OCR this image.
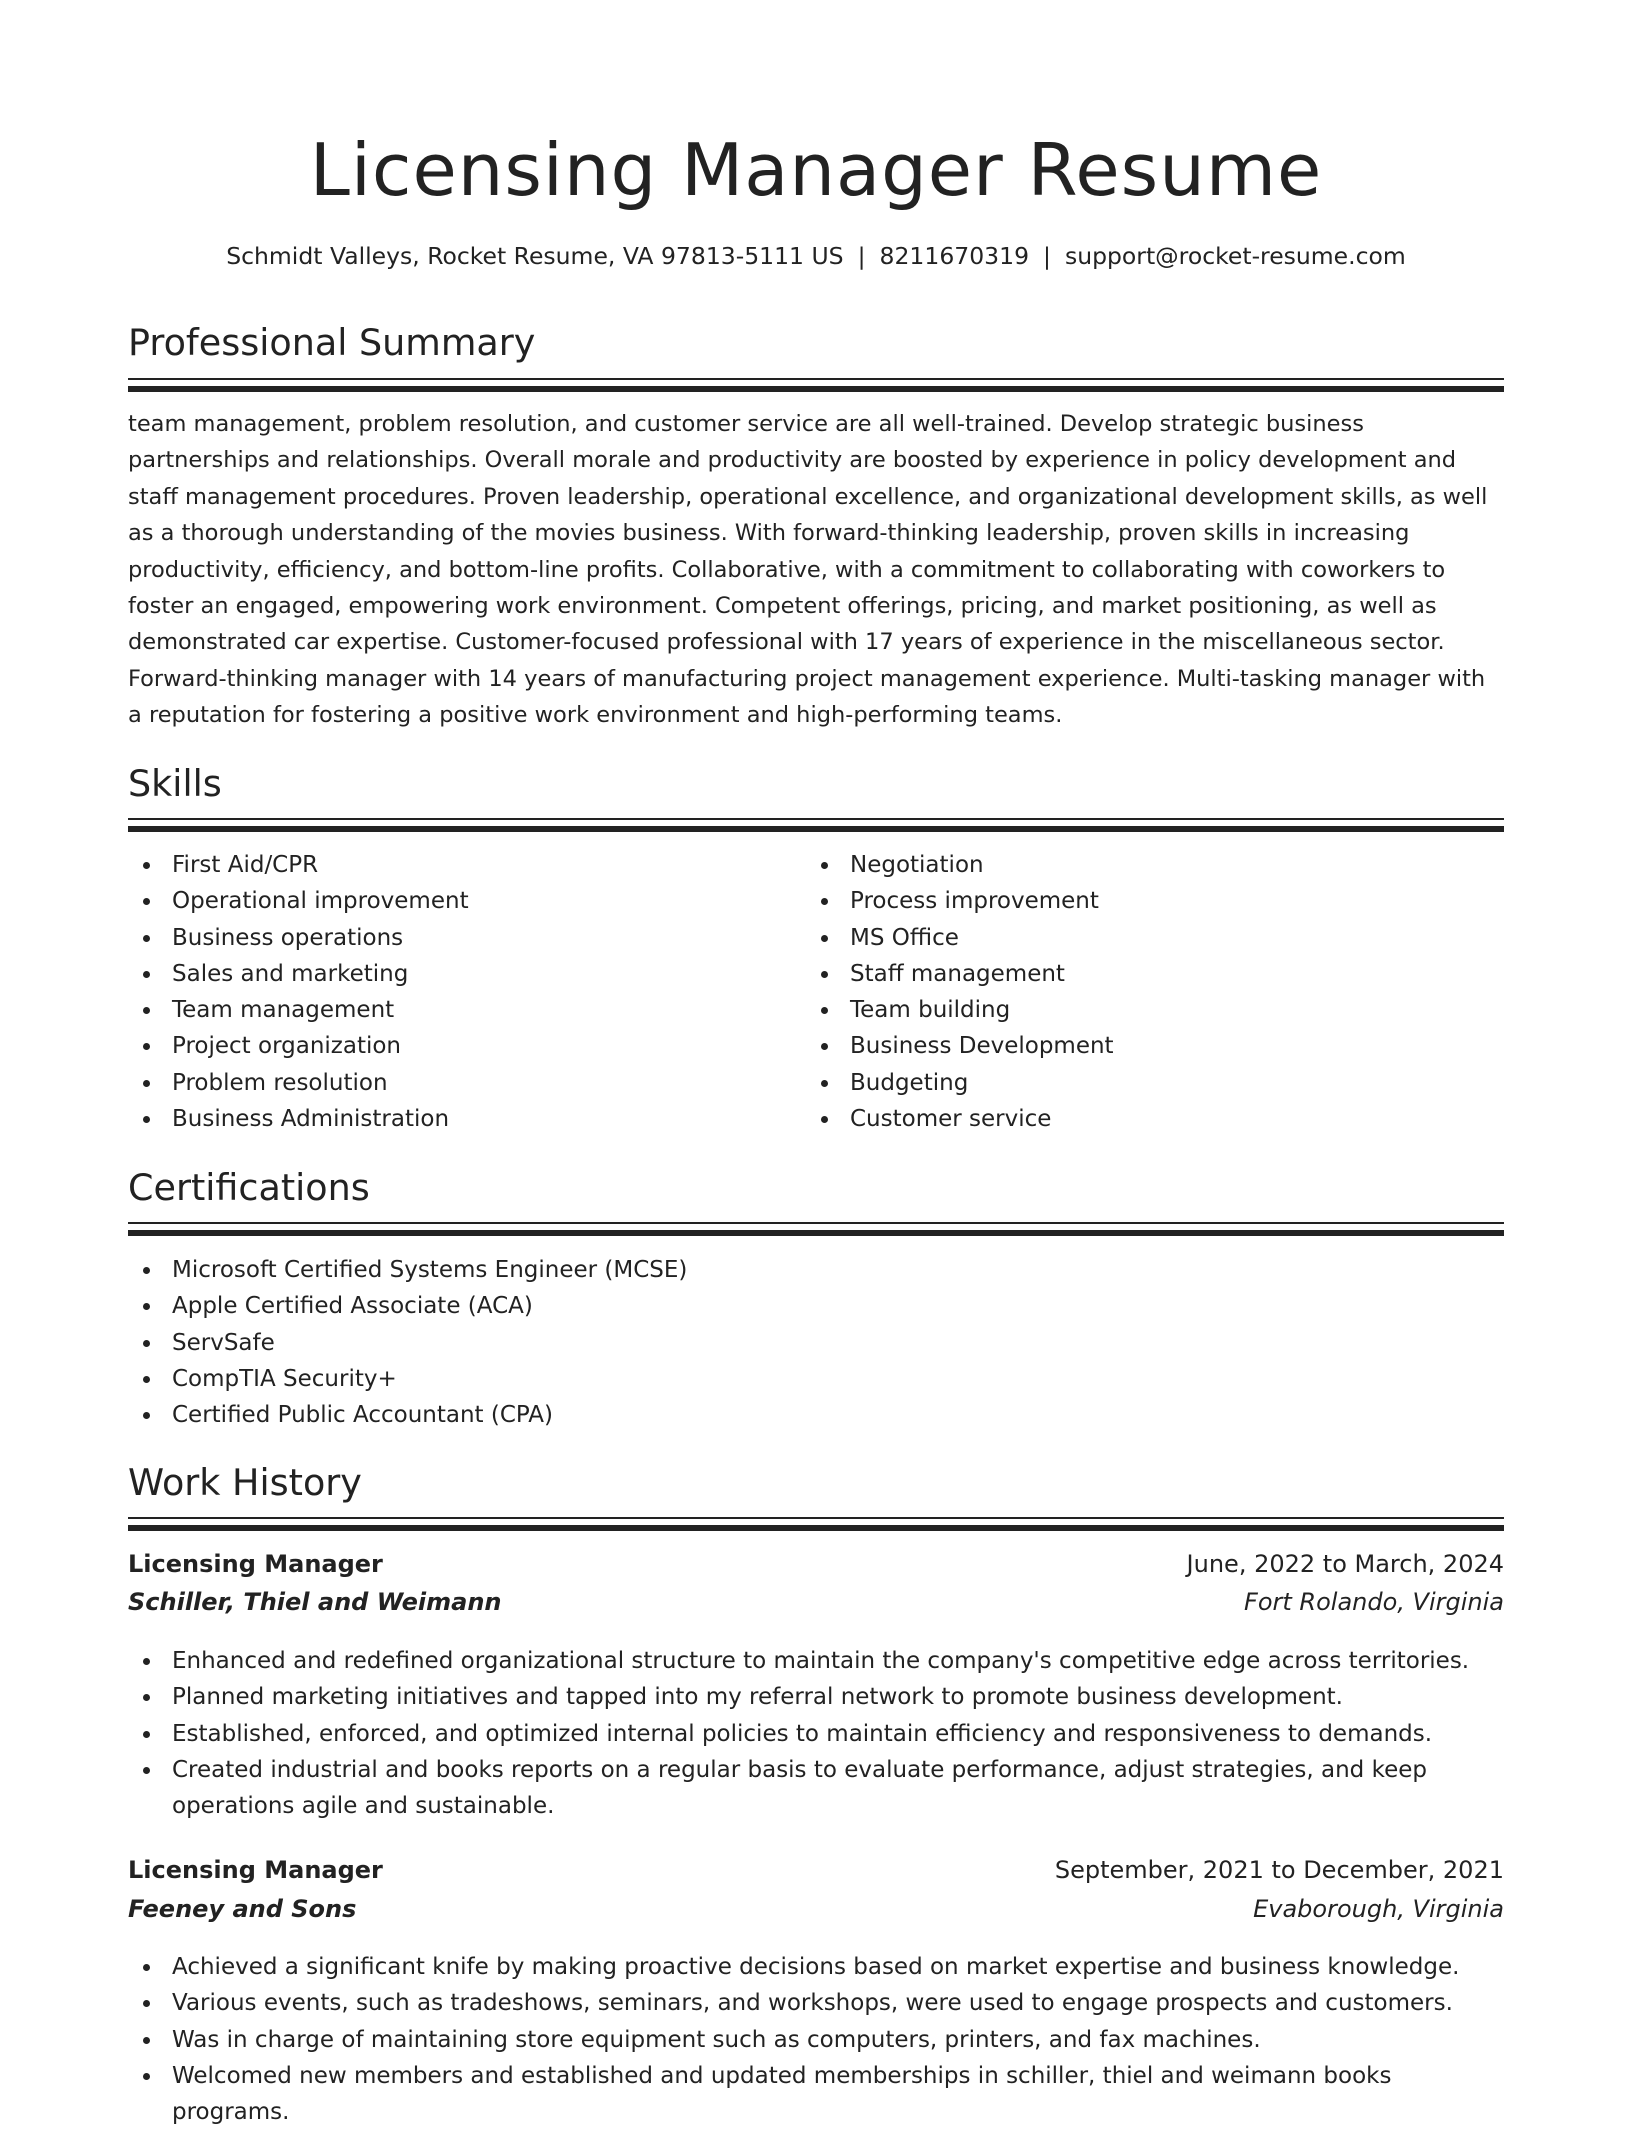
Licensing Manager Resume
Schmidt Valleys, Rocket Resume, VA 97813-5111 US | 8211670319 | support@rocket-resume.com
Professional Summary

team management, problem resolution, and customer service are all well-trained. Develop strategic business partnerships and relationships. Overall morale and productivity are boosted by experience in policy development and staff management procedures. Proven leadership, operational excellence, and organizational development skills, as well as a thorough understanding of the movies business. With forward-thinking leadership, proven skills in increasing productivity, efficiency, and bottom-line profits. Collaborative, with a commitment to collaborating with coworkers to foster an engaged, empowering work environment. Competent offerings, pricing, and market positioning, as well as demonstrated car expertise. Customer-focused professional with 17 years of experience in the miscellaneous sector. Forward-thinking manager with 14 years of manufacturing project management experience. Multi-tasking manager with a reputation for fostering a positive work environment and high-performing teams.

Skills
First Aid/CPR
Operational improvement
Business operations
Sales and marketing
Team management
Project organization
Problem resolution
Business Administration
Negotiation
Process improvement
MS Office
Staff management
Team building
Business Development
Budgeting
Customer service
Certifications
Microsoft Certified Systems Engineer (MCSE)
Apple Certified Associate (ACA)
ServSafe
CompTIA Security+
Certified Public Accountant (CPA)
Work History
Licensing Manager	June, 2022 to March, 2024
Schiller, Thiel and Weimann	Fort Rolando, Virginia
Enhanced and redefined organizational structure to maintain the company's competitive edge across territories.
Planned marketing initiatives and tapped into my referral network to promote business development.
Established, enforced, and optimized internal policies to maintain efficiency and responsiveness to demands.
Created industrial and books reports on a regular basis to evaluate performance, adjust strategies, and keep operations agile and sustainable.
Licensing Manager	September, 2021 to December, 2021
Feeney and Sons	Evaborough, Virginia
Achieved a significant knife by making proactive decisions based on market expertise and business knowledge.
Various events, such as tradeshows, seminars, and workshops, were used to engage prospects and customers.
Was in charge of maintaining store equipment such as computers, printers, and fax machines.
Welcomed new members and established and updated memberships in schiller, thiel and weimann books programs.
